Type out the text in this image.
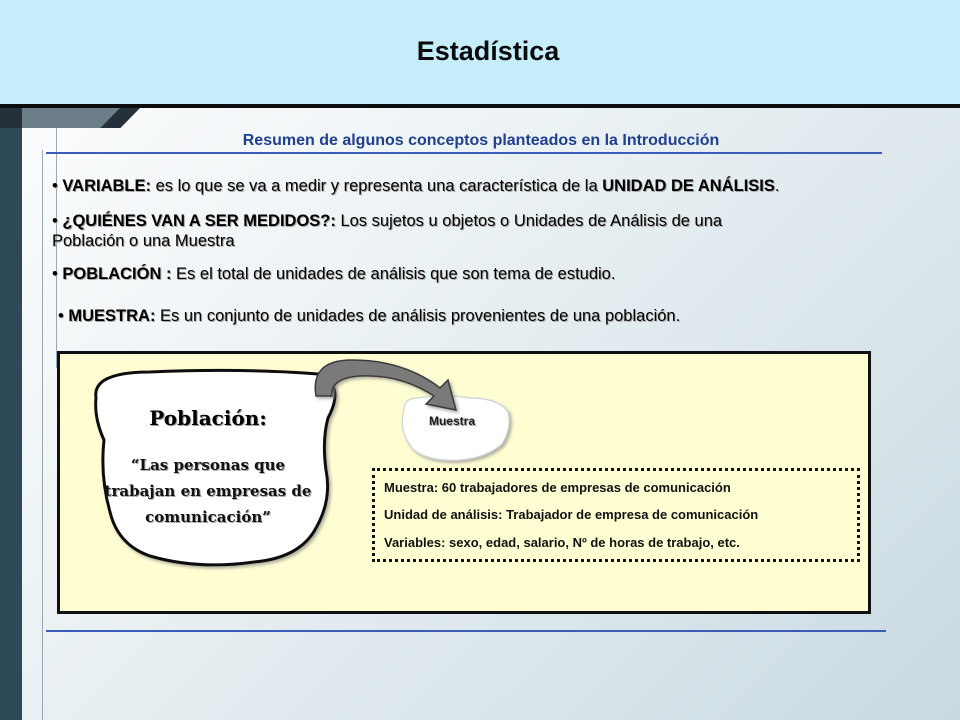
Estadística
Resumen de algunos conceptos planteados en la Introducción
• VARIABLE: es lo que se va a medir y representa una característica de la UNIDAD DE ANÁLISIS.
• ¿QUIÉNES VAN A SER MEDIDOS?: Los sujetos u objetos o Unidades de Análisis de una
Población o una Muestra
• POBLACIÓN : Es el total de unidades de análisis que son tema de estudio.
• MUESTRA: Es un conjunto de unidades de análisis provenientes de una población.
Población:
“Las personas que trabajan en empresas de comunicación”
Muestra
Muestra: 60 trabajadores de empresas de comunicación
Unidad de análisis: Trabajador de empresa de comunicación
Variables: sexo, edad, salario, Nº de horas de trabajo, etc.
